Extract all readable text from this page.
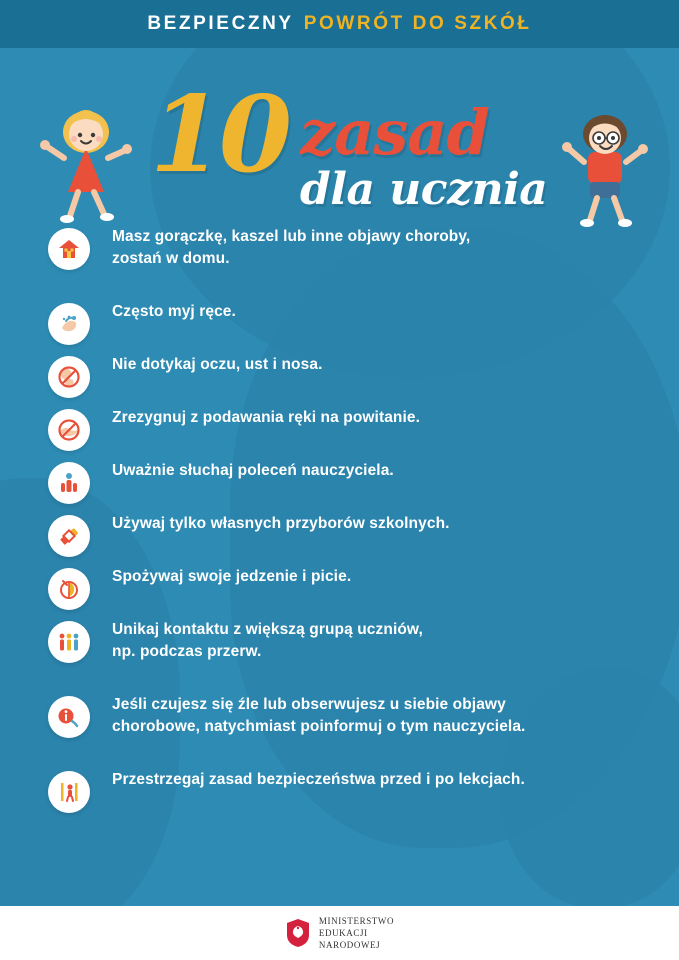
BEZPIECZNY POWRÓT DO SZKÓŁ
10 zasad
dla ucznia
Masz gorączkę, kaszel lub inne objawy choroby,
zostań w domu.
Często myj ręce.
Nie dotykaj oczu, ust i nosa.
Zrezygnuj z podawania ręki na powitanie.
Uważnie słuchaj poleceń nauczyciela.
Używaj tylko własnych przyborów szkolnych.
Spożywaj swoje jedzenie i picie.
Unikaj kontaktu z większą grupą uczniów,
np. podczas przerw.
Jeśli czujesz się źle lub obserwujesz u siebie objawy
chorobowe, natychmiast poinformuj o tym nauczyciela.
Przestrzegaj zasad bezpieczeństwa przed i po lekcjach.
MINISTERSTWO
EDUKACJI
NARODOWEJ
